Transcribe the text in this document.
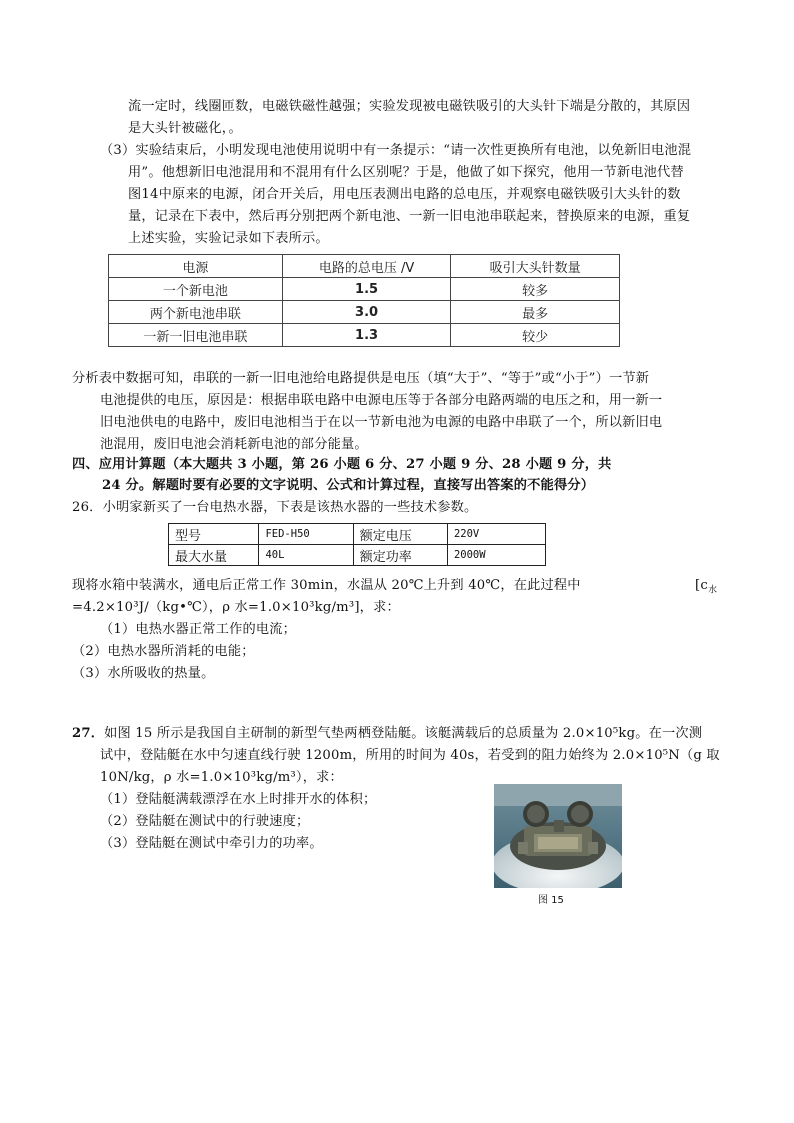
流一定时，线圈匝数，电磁铁磁性越强；实验发现被电磁铁吸引的大头针下端是分散的，其原因
是大头针被磁化，。
（3）实验结束后，小明发现电池使用说明中有一条提示：“请一次性更换所有电池，以免新旧电池混
用”。他想新旧电池混用和不混用有什么区别呢？于是，他做了如下探究，他用一节新电池代替
图14中原来的电源，闭合开关后，用电压表测出电路的总电压，并观察电磁铁吸引大头针的数
量，记录在下表中，然后再分别把两个新电池、一新一旧电池串联起来，替换原来的电源，重复
上述实验，实验记录如下表所示。
电源	电路的总电压 /V	吸引大头针数量
一个新电池	1.5	较多
两个新电池串联	3.0	最多
一新一旧电池串联	1.3	较少
分析表中数据可知，串联的一新一旧电池给电路提供是电压（填“大于”、“等于”或“小于”）一节新
电池提供的电压，原因是：根据串联电路中电源电压等于各部分电路两端的电压之和，用一新一
旧电池供电的电路中，废旧电池相当于在以一节新电池为电源的电路中串联了一个，所以新旧电
池混用，废旧电池会消耗新电池的部分能量。
四、应用计算题（本大题共 3 小题，第 26 小题 6 分、27 小题 9 分、28 小题 9 分，共
24 分。解题时要有必要的文字说明、公式和计算过程，直接写出答案的不能得分）
26．小明家新买了一台电热水器，下表是该热水器的一些技术参数。
型号	FED-H50	额定电压	220V
最大水量	40L	额定功率	2000W
现将水箱中装满水，通电后正常工作 30min，水温从 20℃上升到 40℃，在此过程中	[$c_水$
=4.2×10³J/（kg•℃），ρ 水=1.0×10³kg/m³]，求：
（1）电热水器正常工作的电流；
（2）电热水器所消耗的电能；
（3）水所吸收的热量。
27．如图 15 所示是我国自主研制的新型气垫两栖登陆艇。该艇满载后的总质量为 2.0×10⁵kg。在一次测
试中，登陆艇在水中匀速直线行驶 1200m，所用的时间为 40s，若受到的阻力始终为 2.0×10⁵N（g 取
10N/kg，ρ 水=1.0×10³kg/m³），求：
（1）登陆艇满载漂浮在水上时排开水的体积；
（2）登陆艇在测试中的行驶速度；
（3）登陆艇在测试中牵引力的功率。
图 15
